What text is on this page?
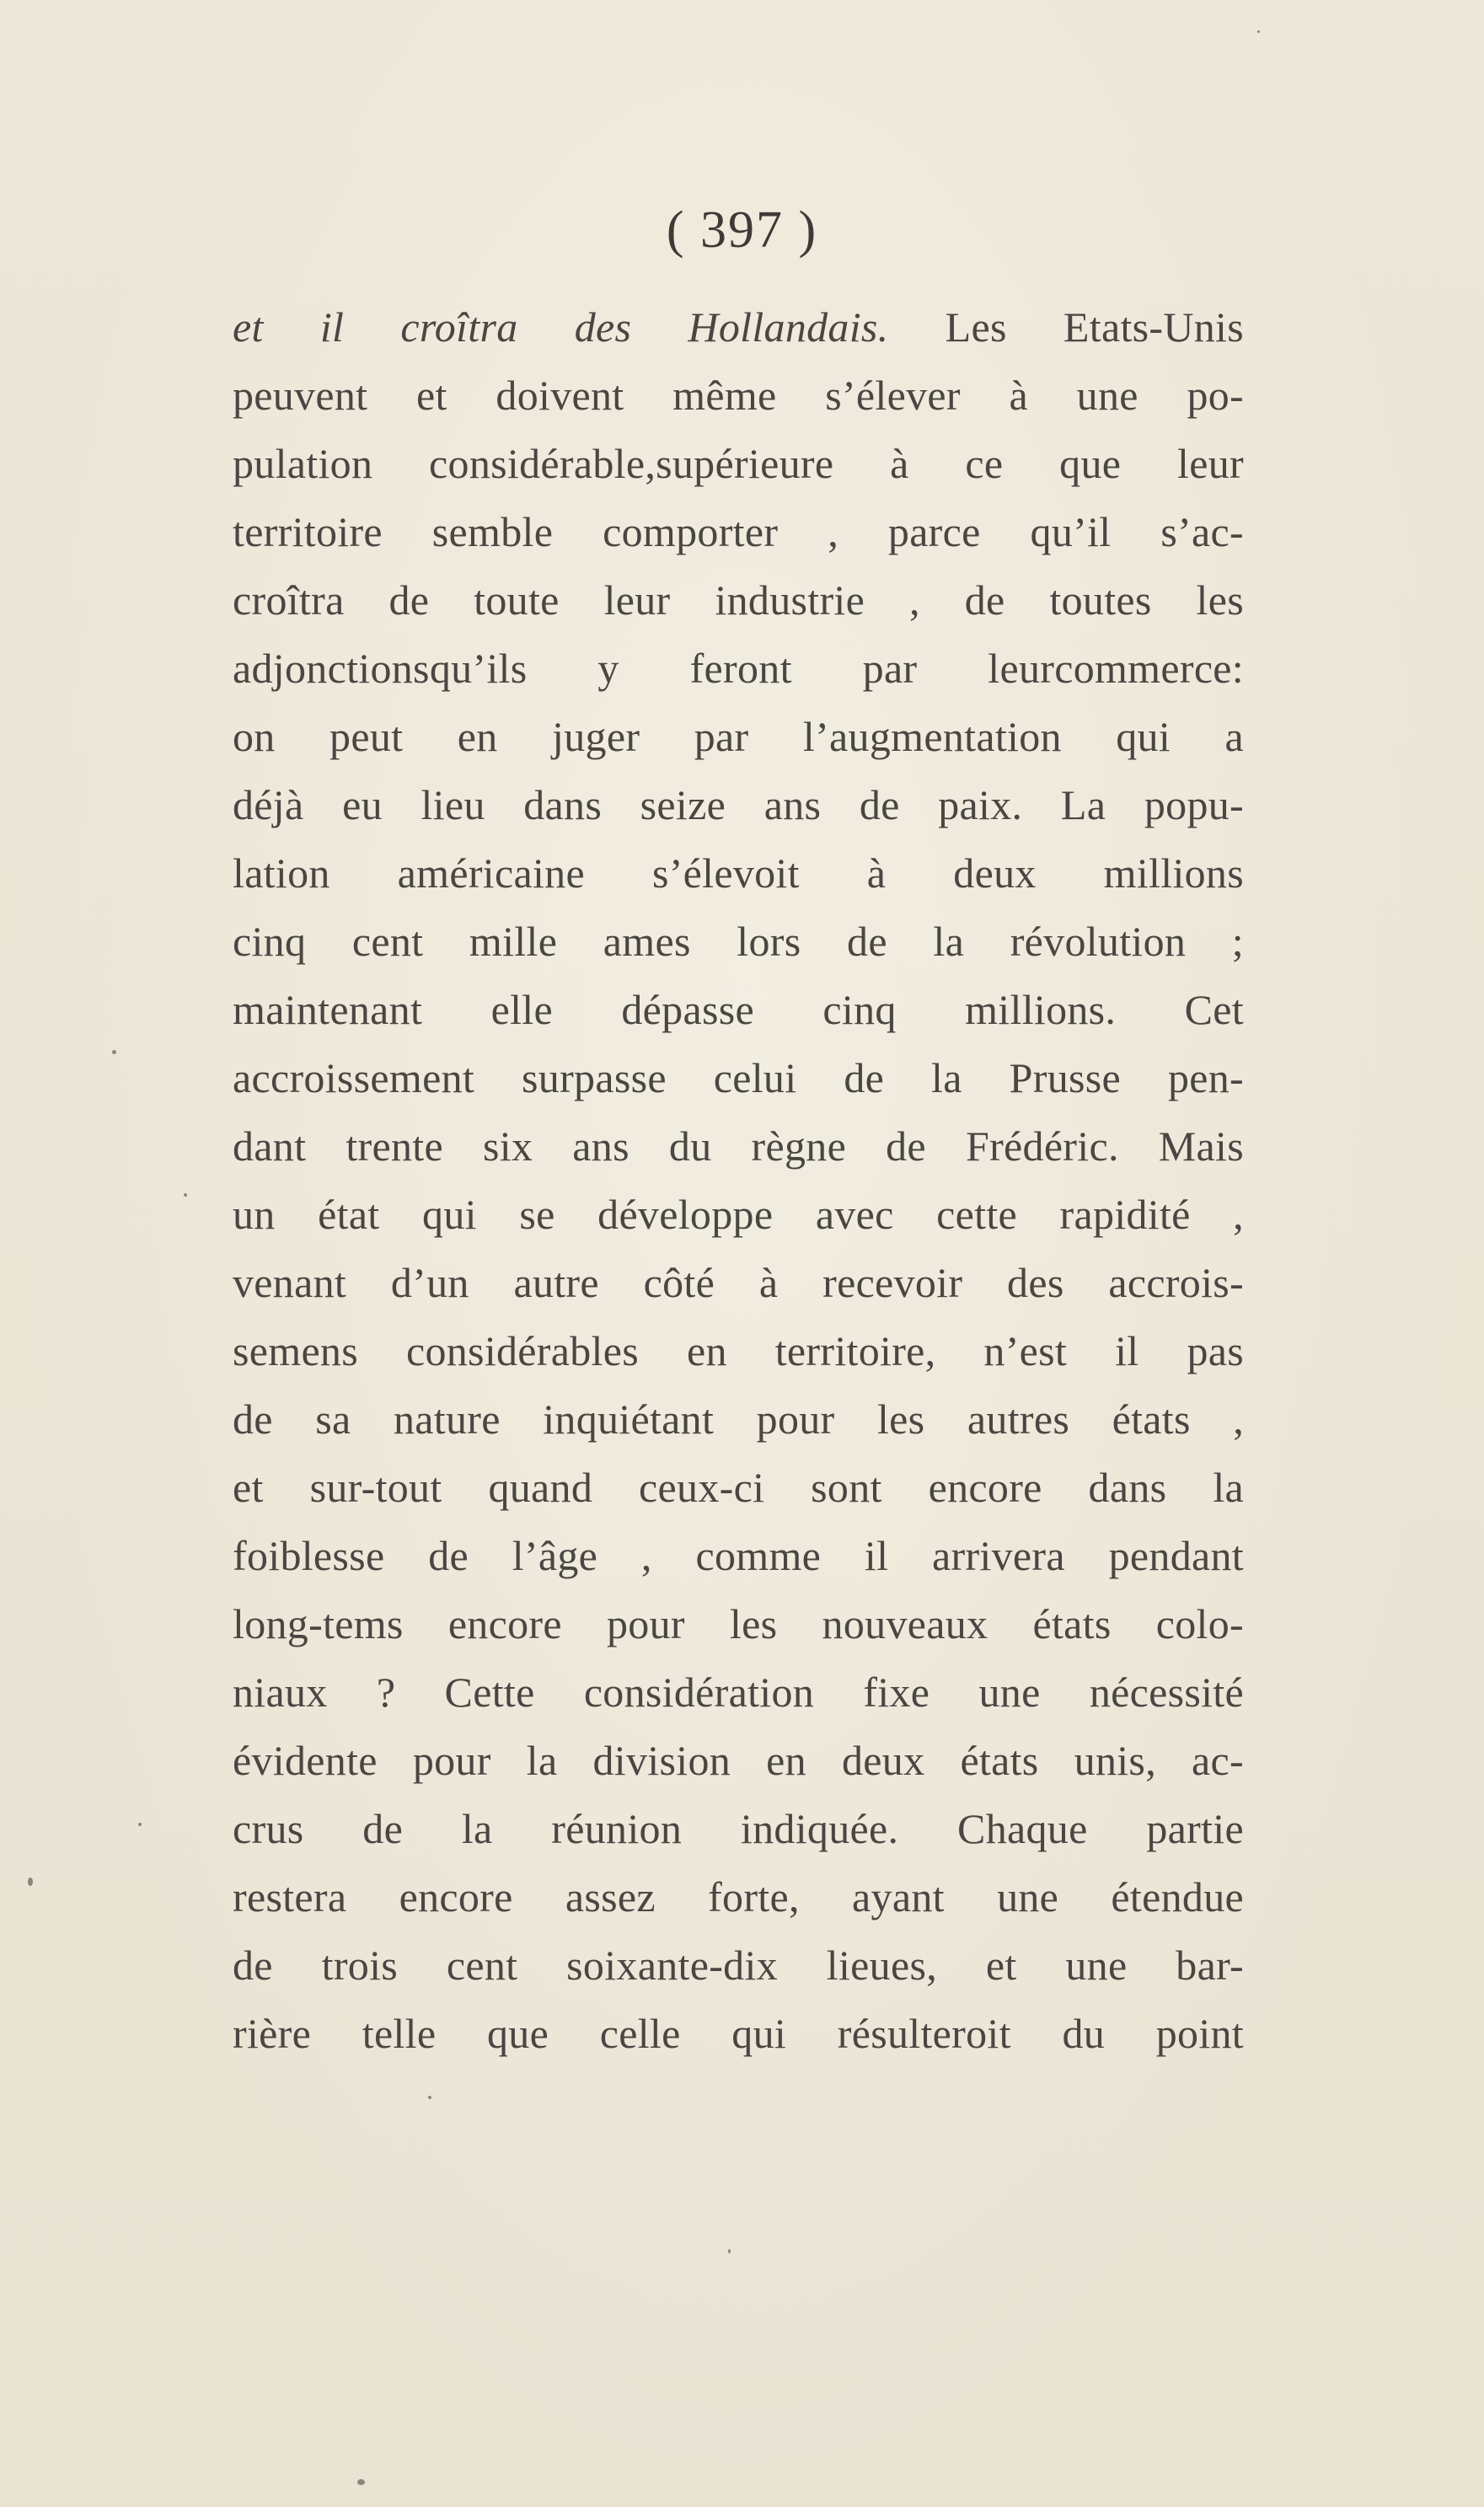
( 397 )
et il croîtra des Hollandais. Les Etats-Unis
peuvent et doivent même s’élever à une po-
pulation considérable,supérieure à ce que leur
territoire semble comporter , parce qu’il s’ac-
croîtra de toute leur industrie , de toutes les
adjonctionsqu’ils y feront par leurcommerce:
on peut en juger par l’augmentation qui a
déjà eu lieu dans seize ans de paix. La popu-
lation américaine s’élevoit à deux millions
cinq cent mille ames lors de la révolution ;
maintenant elle dépasse cinq millions. Cet
accroissement surpasse celui de la Prusse pen-
dant trente six ans du règne de Frédéric. Mais
un état qui se développe avec cette rapidité ,
venant d’un autre côté à recevoir des accrois-
semens considérables en territoire, n’est il pas
de sa nature inquiétant pour les autres états ,
et sur-tout quand ceux-ci sont encore dans la
foiblesse de l’âge , comme il arrivera pendant
long-tems encore pour les nouveaux états colo-
niaux ? Cette considération fixe une nécessité
évidente pour la division en deux états unis, ac-
crus de la réunion indiquée. Chaque partie
restera encore assez forte, ayant une étendue
de trois cent soixante-dix lieues, et une bar-
rière telle que celle qui résulteroit du point
